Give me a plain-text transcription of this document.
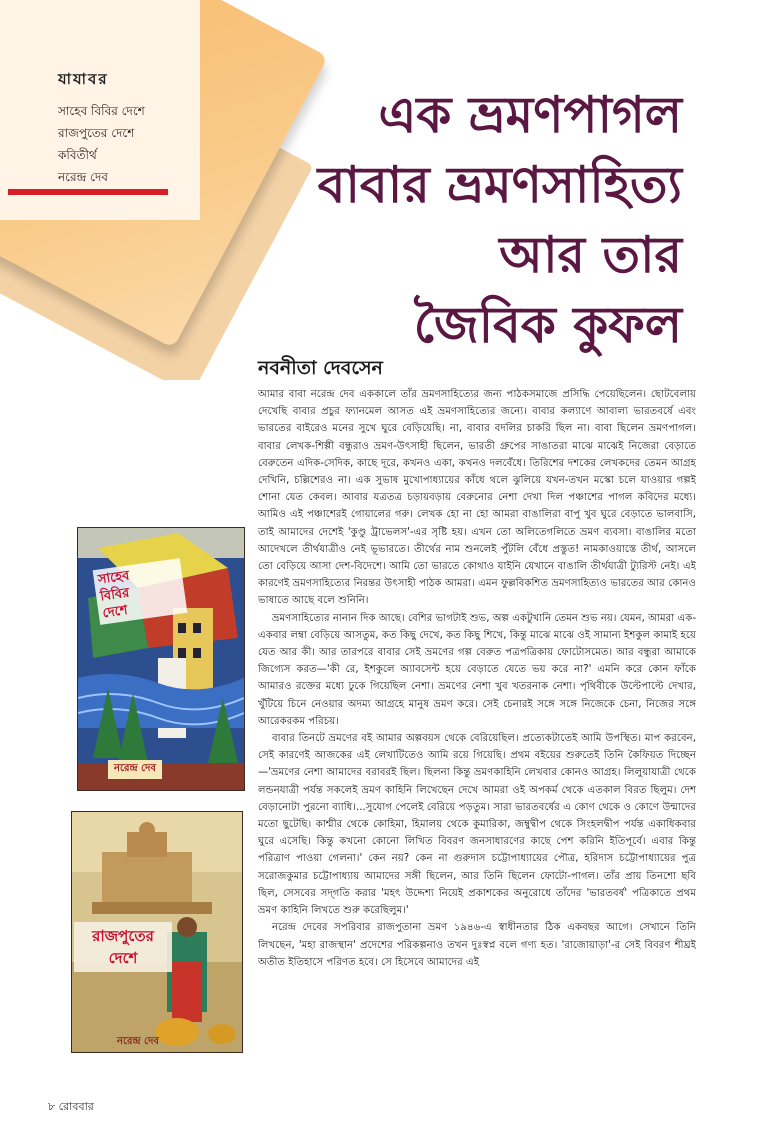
যাযাবর
সাহেব বিবির দেশে
রাজপুতের দেশে
কবিতীর্থ
নরেন্দ্র দেব
এক ভ্রমণপাগল
বাবার ভ্রমণসাহিত্য
আর তার
জৈবিক কুফল
নবনীতা দেবসেন

আমার বাবা নরেন্দ্র দেব এককালে তাঁর ভ্রমণসাহিত্যের জন্য পাঠকসমাজে প্রসিদ্ধি পেয়েছিলেন। ছোটবেলায় দেখেছি বাবার প্রচুর ফ্যানমেল আসত এই ভ্রমণসাহিত্যের জন্যে। বাবার কল্যাণে আবাল্য ভারতবর্ষে এবং ভারতের বাইরেও মনের সুখে ঘুরে বেড়িয়েছি। না, বাবার বদলির চাকরি ছিল না। বাবা ছিলেন ভ্রমণপাগল। বাবার লেখক-শিল্পী বন্ধুরাও ভ্রমণ-উৎসাহী ছিলেন, ভারতী গ্রুপের সাঙাতরা মাঝে মাঝেই নিজেরা বেড়াতে বেরুতেন এদিক-সেদিক, কাছে দূরে, কখনও একা, কখনও দলবেঁধে। তিরিশের দশকের লেখকদের তেমন আগ্রহ দেখিনি, চল্লিশেরও না। এক সুভাষ মুখোপাধ্যায়ের কাঁধে থলে ঝুলিয়ে যখন-তখন মস্কো চলে যাওয়ার গল্পই শোনা যেত কেবল। আবার যত্রতত্র চড়ায়বড়ায় বেরুনোর নেশা দেখা দিল পঞ্চাশের পাগল কবিদের মধ্যে। আমিও এই পঞ্চাশেরই গোয়ালের গরু। লেখক হো না হো আমরা বাঙালিরা বাপু খুব ঘুরে বেড়াতে ভালবাসি, তাই আমাদের দেশেই 'কুণ্ডু ট্রাভেলস'-এর সৃষ্টি হয়। এখন তো অলিতেগলিতে ভ্রমণ ব্যবসা। বাঙালির মতো আদেখলে তীর্থযাত্রীও নেই ভূভারতে। তীর্থের নাম শুনলেই পুঁটলি বেঁধে প্রস্তুত! নামকাওয়াস্তে তীর্থ, আসলে তো বেড়িয়ে আসা দেশ-বিদেশে। আমি তো ভারতে কোথাও যাইনি যেখানে বাঙালি তীর্থযাত্রী ট্যুরিস্ট নেই। এই কারণেই ভ্রমণসাহিত্যের নিরন্তর উৎসাহী পাঠক আমরা। এমন ফুল্লবিকশিত ভ্রমণসাহিত্যও ভারতের আর কোনও ভাষাতে আছে বলে শুনিনি।

ভ্রমণসাহিত্যের নানান দিক আছে। বেশির ভাগটাই শুভ, অল্প একটুখানি তেমন শুভ নয়। যেমন, আমরা এক-একবার লম্বা বেড়িয়ে আসতুম, কত কিছু দেখে, কত কিছু শিখে, কিন্তু মাঝে মাঝে ওই সামান্য ইশকুল কামাই হয়ে যেত আর কী। আর তারপরে বাবার সেই ভ্রমণের গল্প বেরুত পত্রপত্রিকায় ফোটোসমেত। আর বন্ধুরা আমাকে জিগ্যেস করত—'কী রে, ইশকুলে অ্যাবসেন্ট হয়ে বেড়াতে যেতে ভয় করে না?' এমনি করে কোন ফাঁকে আমারও রক্তের মধ্যে ঢুকে গিয়েছিল নেশা। ভ্রমণের নেশা খুব খতরনাক নেশা। পৃথিবীকে উল্টেপাল্টে দেখার, খুঁটিয়ে চিনে নেওয়ার অদম্য আগ্রহে মানুষ ভ্রমণ করে। সেই চেনারই সঙ্গে সঙ্গে নিজেকে চেনা, নিজের সঙ্গে আরেকরকম পরিচয়।

বাবার তিনটে ভ্রমণের বই আমার অল্পবয়স থেকে বেরিয়েছিল। প্রত্যেকটাতেই আমি উপস্থিত। মাপ করবেন, সেই কারণেই আজকের এই লেখাটিতেও আমি রয়ে গিয়েছি। প্রথম বইয়ের শুরুতেই তিনি কৈফিয়ত দিচ্ছেন—'ভ্রমণের নেশা আমাদের বরাবরই ছিল। ছিলনা কিন্তু ভ্রমণকাহিনি লেখবার কোনও আগ্রহ। লিলুয়াযাত্রী থেকে লন্ডনযাত্রী পর্যন্ত সকলেই ভ্রমণ কাহিনি লিখেছেন দেখে আমরা ওই অপকর্ম থেকে এতকাল বিরত ছিলুম। দেশ বেড়ানোটা পুরনো ব্যাধি।...সুযোগ পেলেই বেরিয়ে পড়তুম। সারা ভারতবর্ষের এ কোণ থেকে ও কোণে উন্মাদের মতো ছুটেছি। কাশ্মীর থেকে কোহিমা, হিমালয় থেকে কুমারিকা, জম্বুদ্বীপ থেকে সিংহলদ্বীপ পর্যন্ত একাধিকবার ঘুরে এসেছি। কিন্তু কখনো কোনো লিখিত বিবরণ জনসাধারণের কাছে পেশ করিনি ইতিপূর্বে। এবার কিন্তু পরিত্রাণ পাওয়া গেলনা।' কেন নয়? কেন না গুরুদাস চট্টোপাধ্যায়ের পৌত্র, হরিদাস চট্টোপাধ্যায়ের পুত্র সরোজকুমার চট্টোপাধ্যায় আমাদের সঙ্গী ছিলেন, আর তিনি ছিলেন ফোটো-পাগল। তাঁর প্রায় তিনশো ছবি ছিল, সেসবের সদ্‌গতি করার 'মহৎ উদ্দেশ্য নিয়েই প্রকাশকের অনুরোধে তাঁদের 'ভারতবর্ষ' পত্রিকাতে প্রথম ভ্রমণ কাহিনি লিখতে শুরু করেছিলুম।'

নরেন্দ্র দেবের সপরিবার রাজপুতানা ভ্রমণ ১৯৪৬-এ স্বাধীনতার ঠিক একবছর আগে। সেখানে তিনি লিখছেন, 'মহা রাজস্থান' প্রদেশের পরিকল্পনাও তখন দুঃস্বপ্ন বলে গণ্য হত। 'রাজোয়াড়া'-র সেই বিবরণ শীঘ্রই অতীত ইতিহাসে পরিণত হবে। সে হিসেবে আমাদের এই

সাহেব
বিবির
দেশে
নরেন্দ্র দেব
রাজপুতের
দেশে
নরেন্দ্র দেব
৮ রোববার
